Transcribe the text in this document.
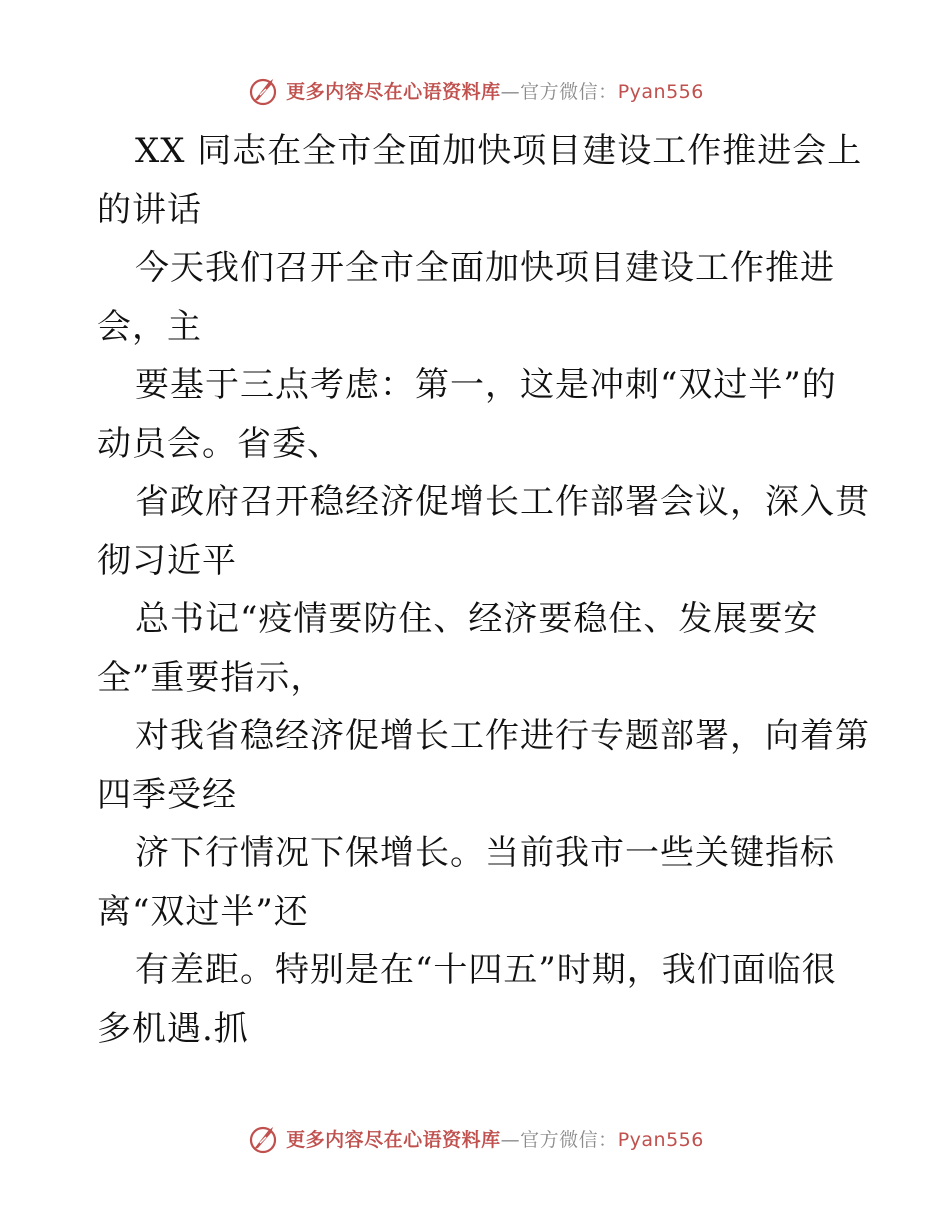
更多内容尽在心语资料库—官方微信：Pyan556
XX 同志在全市全面加快项目建设工作推进会上
的讲话
今天我们召开全市全面加快项目建设工作推进
会，主
要基于三点考虑：第一，这是冲刺“双过半”的
动员会。省委、
省政府召开稳经济促增长工作部署会议，深入贯
彻习近平
总书记“疫情要防住、经济要稳住、发展要安
全”重要指示，
对我省稳经济促增长工作进行专题部署，向着第
四季受经
济下行情况下保增长。当前我市一些关键指标
离“双过半”还
有差距。特别是在“十四五”时期，我们面临很
多机遇.抓
更多内容尽在心语资料库—官方微信：Pyan556
